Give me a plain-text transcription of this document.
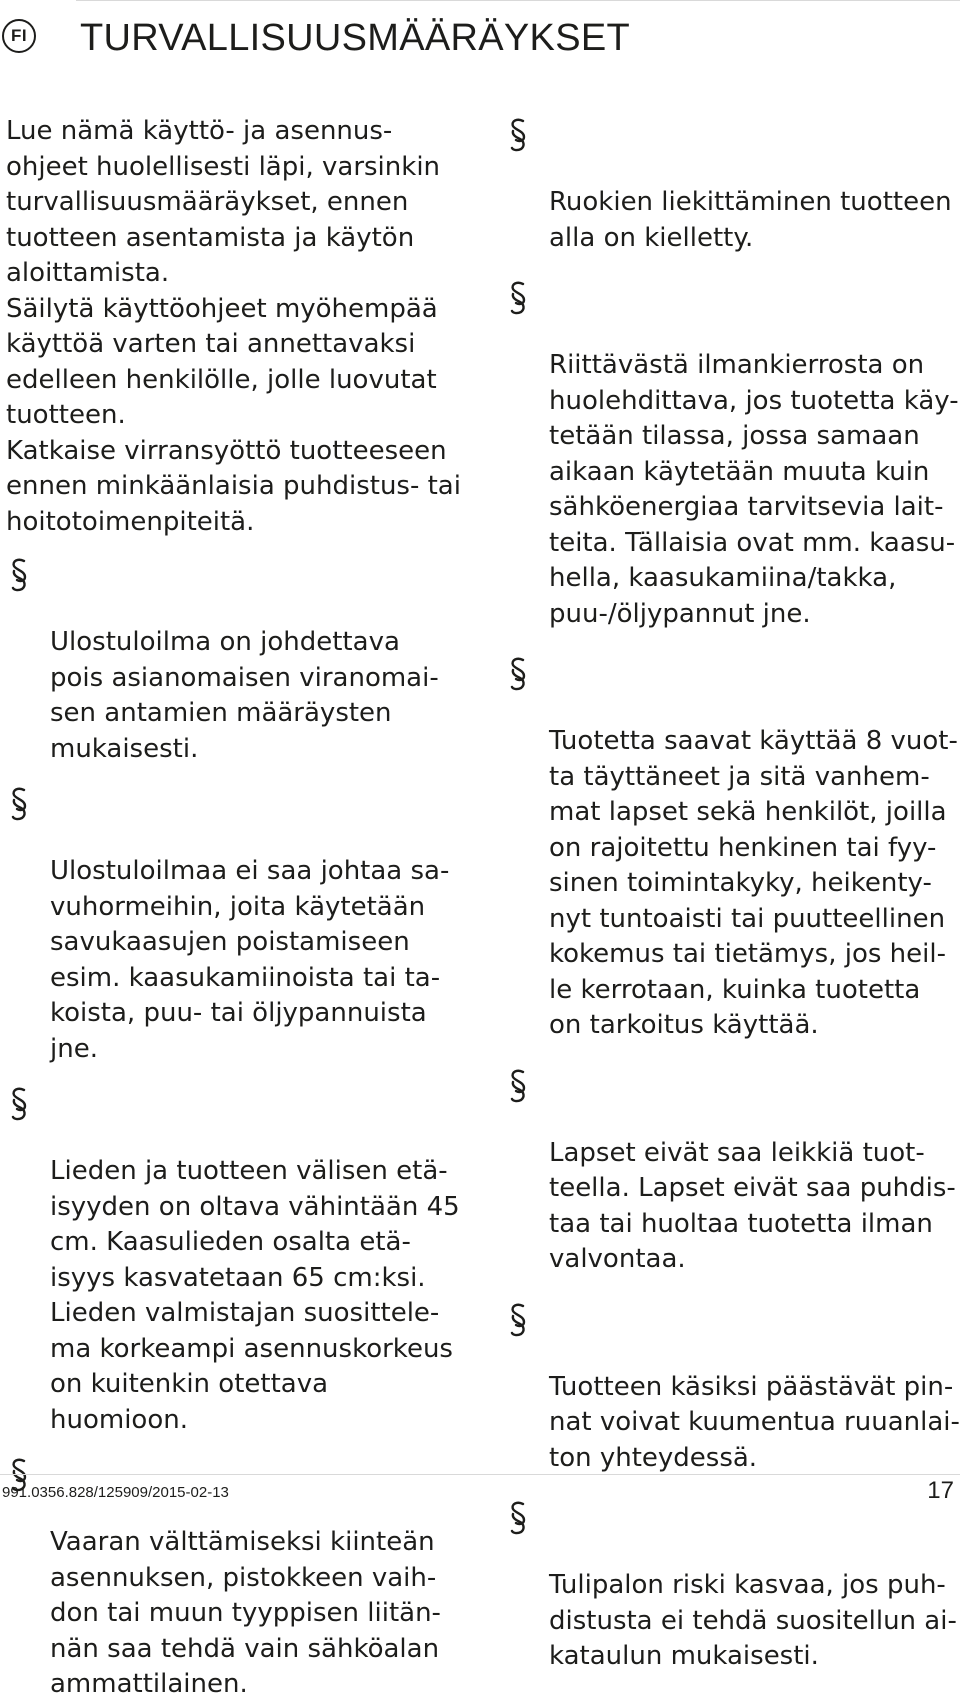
FI TURVALLISUUSMÄÄRÄYKSET

Lue nämä käyttö- ja asennus-
ohjeet huolellisesti läpi, varsinkin
turvallisuusmääräykset, ennen
tuotteen asentamista ja käytön
aloittamista.
Säilytä käyttöohjeet myöhempää
käyttöä varten tai annettavaksi
edelleen henkilölle, jolle luovutat
tuotteen.
Katkaise virransyöttö tuotteeseen
ennen minkäänlaisia puhdistus- tai
hoitotoimenpiteitä.

Ulostuloilma on johdettava
pois asianomaisen viranomai-
sen antamien määräysten
mukaisesti.

Ulostuloilmaa ei saa johtaa sa-
vuhormeihin, joita käytetään
savukaasujen poistamiseen
esim. kaasukamiinoista tai ta-
koista, puu- tai öljypannuista
jne.

Lieden ja tuotteen välisen etä-
isyyden on oltava vähintään 45
cm. Kaasulieden osalta etä-
isyys kasvatetaan 65 cm:ksi.
Lieden valmistajan suosittele-
ma korkeampi asennuskorkeus
on kuitenkin otettava
huomioon.

Vaaran välttämiseksi kiinteän
asennuksen, pistokkeen vaih-
don tai muun tyyppisen liitän-
nän saa tehdä vain sähköalan
ammattilainen.

Ruokien liekittäminen tuotteen
alla on kielletty.

Riittävästä ilmankierrosta on
huolehdittava, jos tuotetta käy-
tetään tilassa, jossa samaan
aikaan käytetään muuta kuin
sähköenergiaa tarvitsevia lait-
teita. Tällaisia ovat mm. kaasu-
hella, kaasukamiina/takka,
puu-/öljypannut jne.

Tuotetta saavat käyttää 8 vuot-
ta täyttäneet ja sitä vanhem-
mat lapset sekä henkilöt, joilla
on rajoitettu henkinen tai fyy-
sinen toimintakyky, heikenty-
nyt tuntoaisti tai puutteellinen
kokemus tai tietämys, jos heil-
le kerrotaan, kuinka tuotetta
on tarkoitus käyttää.

Lapset eivät saa leikkiä tuot-
teella. Lapset eivät saa puhdis-
taa tai huoltaa tuotetta ilman
valvontaa.

Tuotteen käsiksi päästävät pin-
nat voivat kuumentua ruuanlai-
ton yhteydessä.

Tulipalon riski kasvaa, jos puh-
distusta ei tehdä suositellun ai-
kataulun mukaisesti.

991.0356.828/125909/2015-02-13	17
